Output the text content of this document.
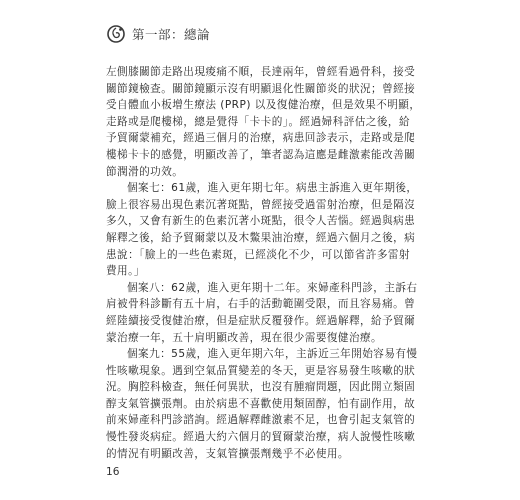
第一部：總論

左側膝關節走路出現痠痛不順，長達兩年，曾經看過骨科，接受
關節鏡檢查。關節鏡顯示沒有明顯退化性關節炎的狀況；曾經接
受自體血小板增生療法 (PRP) 以及復健治療，但是效果不明顯，
走路或是爬樓梯，總是覺得「卡卡的」。經過婦科評估之後，給
予貿爾蒙補充，經過三個月的治療，病患回診表示，走路或是爬
樓梯卡卡的感覺，明顯改善了，筆者認為這應是雌激素能改善關
節潤滑的功效。

個案七：61歲，進入更年期七年。病患主訴進入更年期後，
臉上很容易出現色素沉著斑點，曾經接受過雷射治療，但是隔沒
多久，又會有新生的色素沉著小斑點，很令人苦惱。經過與病患
解釋之後，給予貿爾蒙以及木鱉果油治療，經過六個月之後，病
患說：「臉上的一些色素斑，已經淡化不少，可以節省許多雷射
費用。」

個案八：62歲，進入更年期十二年。來婦產科門診，主訴右
肩被骨科診斷有五十肩，右手的活動範圍受限，而且容易痛。曾
經陸續接受復健治療，但是症狀反覆發作。經過解釋，給予貿爾
蒙治療一年，五十肩明顯改善，現在很少需要復健治療。

個案九：55歲，進入更年期六年，主訴近三年開始容易有慢
性咳嗽現象。遇到空氣品質變差的冬天，更是容易發生咳嗽的狀
況。胸腔科檢查，無任何異狀，也沒有腫瘤問題，因此開立類固
醇支氣管擴張劑。由於病患不喜歡使用類固醇，怕有副作用，故
前來婦產科門診諮詢。經過解釋雌激素不足，也會引起支氣管的
慢性發炎病症。經過大約六個月的貿爾蒙治療，病人說慢性咳嗽
的情況有明顯改善，支氣管擴張劑幾乎不必使用。

16
